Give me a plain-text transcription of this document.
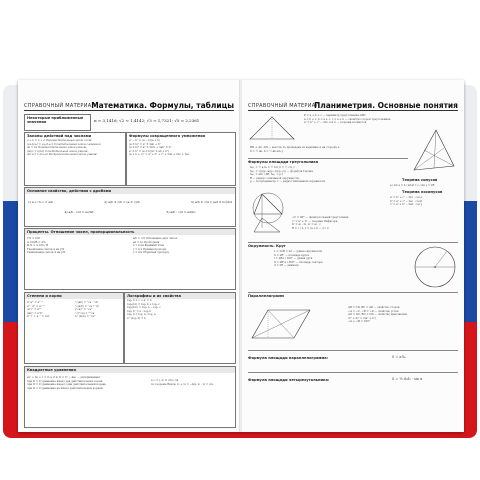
СПРАВОЧНЫЙ МАТЕРИАЛ
Математика. Формулы, таблицы
Некоторые приближенные значения	π ≈ 3,1416; √2 ≈ 1,4142; √3 ≈ 1,7321; √5 ≈ 2,2361
Законы действий над числами
a + b = b + a Переместительный закон слож.
(a+b)+c = a+(b+c) Сочетательный закон сложения
ab = ba Переместительный закон умнож.
(ab)c = a(bc) Сочетательный закон умнож.
a(b+c) = ab+ac Распределительный закон умнож.
Формулы сокращенного умножения
a² − b² = (a − b)(a + b)
(a ± b)² = a² ± 2ab + b²
(a ± b)³ = a³ ± 3a²b + 3ab² ± b³
a³ ± b³ = (a ± b)(a² ∓ ab + b²)
(a + b + c)² = a² + b² + c² + 2ab + 2bc + 2ac
Основное свойство, действия с дробями
1) a·c / b·c = a/b	2) a/b ± c/b = (a ± c)/b	3) a/b ± c/d = (ad ± bc)/bd
4) a/b · c/d = ac/bd	5) a/b : c/d = ad/bc
Проценты. Отношение чисел, пропорциональность
1% = 0,01
A·100/B = A%
B·% = A·100 / B
Увеличение числа A на p%
Уменьшение числа A на p%
a/b = c/d Отношение двух чисел
ad = bc Пропорция
x = bc/a Крайний член
y = k·x Прямая пропорц.
y = k/x Обратная пропорц.
Степени и корни
aⁿ·aᵐ = aⁿ⁺ᵐ
aⁿ : aᵐ = aⁿ⁻ᵐ
(aⁿ)ᵐ = aⁿᵐ
(ab)ⁿ = aⁿbⁿ
a⁰ = 1, a⁻ⁿ = 1/aⁿ
ⁿ√(ab) = ⁿ√a · ⁿ√b
ⁿ√(a/b) = ⁿ√a / ⁿ√b
(ⁿ√a)ᵐ = ⁿ√aᵐ
ⁿ√(ᵐ√a) = ⁿᵐ√a
a^(m/n) = ⁿ√aᵐ
Логарифмы и их свойства
logₐ b = c ⇔ aᶜ = b
logₐ(bc) = logₐ b + logₐ c
logₐ(b/c) = logₐ b − logₐ c
logₐ bⁿ = n · logₐ b
logₐ b = log꜀ b / log꜀ a
a^(logₐ b) = b
Квадратные уравнения
ax² + bx + c = 0, a ≠ 0, D = b² − 4ac — дискриминант
при D > 0 уравнение имеет два действительных корня
при D = 0 уравнение имеет один действительный корень
при D < 0 уравнение не имеет действительных корней
x₁,₂ = (−b ± √D) / 2a
по теореме Виета: x₁ + x₂ = −b/a, x₁ · x₂ = c/a
СПРАВОЧНЫЙ МАТЕРИАЛ
Планиметрия. Основные понятия
P = a + b + c — периметр треугольника ABC
a < b + c, b < a + c, c < a + b — свойство сторон треугольника
a² = b² + c² − 2bc·cos α — теорема косинусов
BH ⊥ AC, AH — высота, hₐ проведена из вершины A на сторону a
S = ½·ah, S = ½·ab·sin γ
Формулы площади треугольника
Sₐᵦ꜀ = ½ a·hₐ = ½ b·h_b = ½ c·h_c
Sₐᵦ꜀ = √(p(p−a)(p−b)(p−c)) — формула Герона
Sₐᵦ꜀ = abc / 4R, Sₐᵦ꜀ = p·r
R — радиус описанной окружности,
p — полупериметр, r — радиус вписанной окружности	Теорема синусов
a / sin α = b / sin β = c / sin γ = 2R
Теорема косинусов
a² = b² + c² − 2bc · cos α
b² = a² + c² − 2ac · cos β
c² = a² + b² − 2ab · cos γ
∠C = 90° — прямоугольный треугольник
c² = a² + b² — теорема Пифагора
h² = a₁ · b₁, a² = a₁ · c
R = c / 2, r = (a + b − c) / 2
Окружность. Круг
L = 2πR = πd — длина окружности
S = πR² — площадь круга
l = πRα / 180° — длина дуги
S = πR²α / 360° — площадь сектора
d = 2R — диаметр
Параллелограмм
AB = CD, BC = AD — свойство сторон
∠A = ∠C, ∠B = ∠D — свойство углов
AO = OC, BO = OD — свойство диагоналей
d₁² + d₂² = 2(a² + b²)
∠A + ∠B = 180°
Формула площади параллелограмма:	S = a·hₐ
Формула площади четырехугольника:	S = ½ d₁d₂ · sin α
